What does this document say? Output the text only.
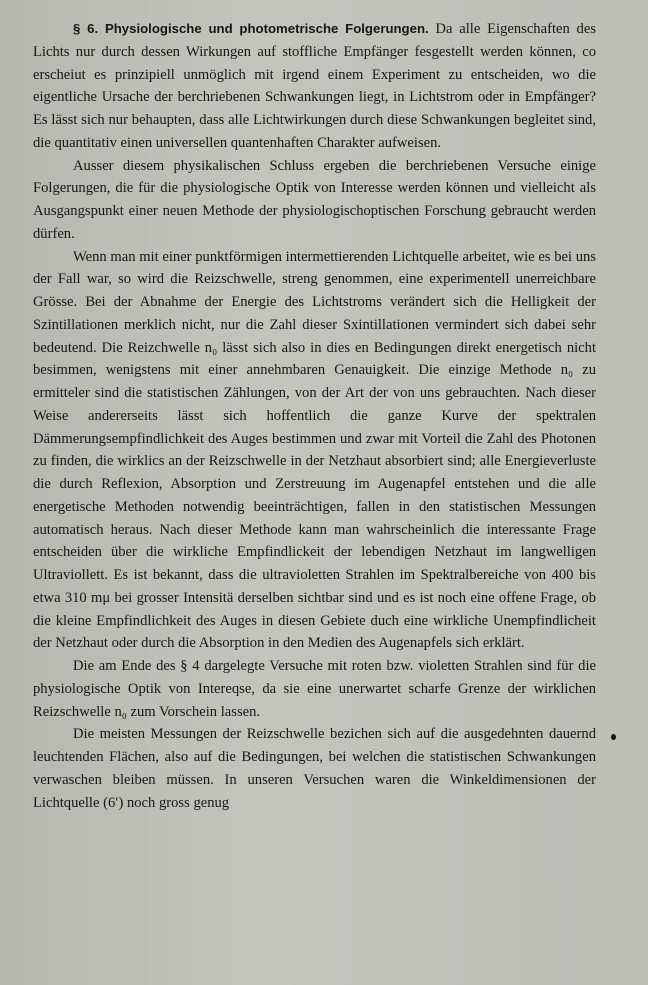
§ 6. Physiologische und photometrische Folgerungen. Da alle Eigenschaften des Lichts nur durch dessen Wirkungen auf stoffliche Empfänger fesgestellt werden können, co erscheiut es prinzipiell unmöglich mit irgend einem Experiment zu entscheiden, wo die eigentliche Ursache der berchriebenen Schwankungen liegt, in Lichtstrom oder in Empfänger? Es lässt sich nur behaupten, dass alle Lichtwirkungen durch diese Schwankungen begleitet sind, die quantitativ einen universellen quantenhaften Charakter aufweisen.

Ausser diesem physikalischen Schluss ergeben die berchriebenen Versuche einige Folgerungen, die für die physiologische Optik von Interesse werden können und vielleicht als Ausgangspunkt einer neuen Methode der physiologischoptischen Forschung gebraucht werden dürfen.

Wenn man mit einer punktförmigen intermettierenden Lichtquelle arbeitet, wie es bei uns der Fall war, so wird die Reizschwelle, streng genommen, eine experimentell unerreichbare Grösse. Bei der Abnahme der Energie des Lichtstroms verändert sich die Helligkeit der Szintillationen merklich nicht, nur die Zahl dieser Sxintillationen vermindert sich dabei sehr bedeutend. Die Reizchwelle n₀ lässt sich also in dies en Bedingungen direkt energetisch nicht besimmen, wenigstens mit einer annehmbaren Genauigkeit. Die einzige Methode n₀ zu ermitteler sind die statistischen Zählungen, von der Art der von uns gebrauchten. Nach dieser Weise andererseits lässt sich hoffentlich die ganze Kurve der spektralen Dämmerungsempfindlichkeit des Auges bestimmen und zwar mit Vorteil die Zahl des Photonen zu finden, die wirklics an der Reizschwelle in der Netzhaut absorbiert sind; alle Energieverluste die durch Reflexion, Absorption und Zerstreuung im Augenapfel entstehen und die alle energetische Methoden notwendig beeinträchtigen, fallen in den statistischen Messungen automatisch heraus. Nach dieser Methode kann man wahrscheinlich die interessante Frage entscheiden über die wirkliche Empfindlickeit der lebendigen Netzhaut im langwelligen Ultraviollett. Es ist bekannt, dass die ultravioletten Strahlen im Spektralbereiche von 400 bis etwa 310 mμ bei grosser Intensitä derselben sichtbar sind und es ist noch eine offene Frage, ob die kleine Empfindlichkeit des Auges in diesen Gebiete duch eine wirkliche Unempfindlicheit der Netzhaut oder durch die Absorption in den Medien des Augenapfels sich erklärt.

Die am Ende des § 4 dargelegte Versuche mit roten bzw. violetten Strahlen sind für die physiologische Optik von Intereqse, da sie eine unerwartet scharfe Grenze der wirklichen Reizschwelle n₀ zum Vorschein lassen.

Die meisten Messungen der Reizschwelle bezichen sich auf die ausgedehnten dauernd leuchtenden Flächen, also auf die Bedingungen, bei welchen die statistischen Schwankungen verwaschen bleiben müssen. In unseren Versuchen waren die Winkeldimensionen der Lichtquelle (6′) noch gross genug
